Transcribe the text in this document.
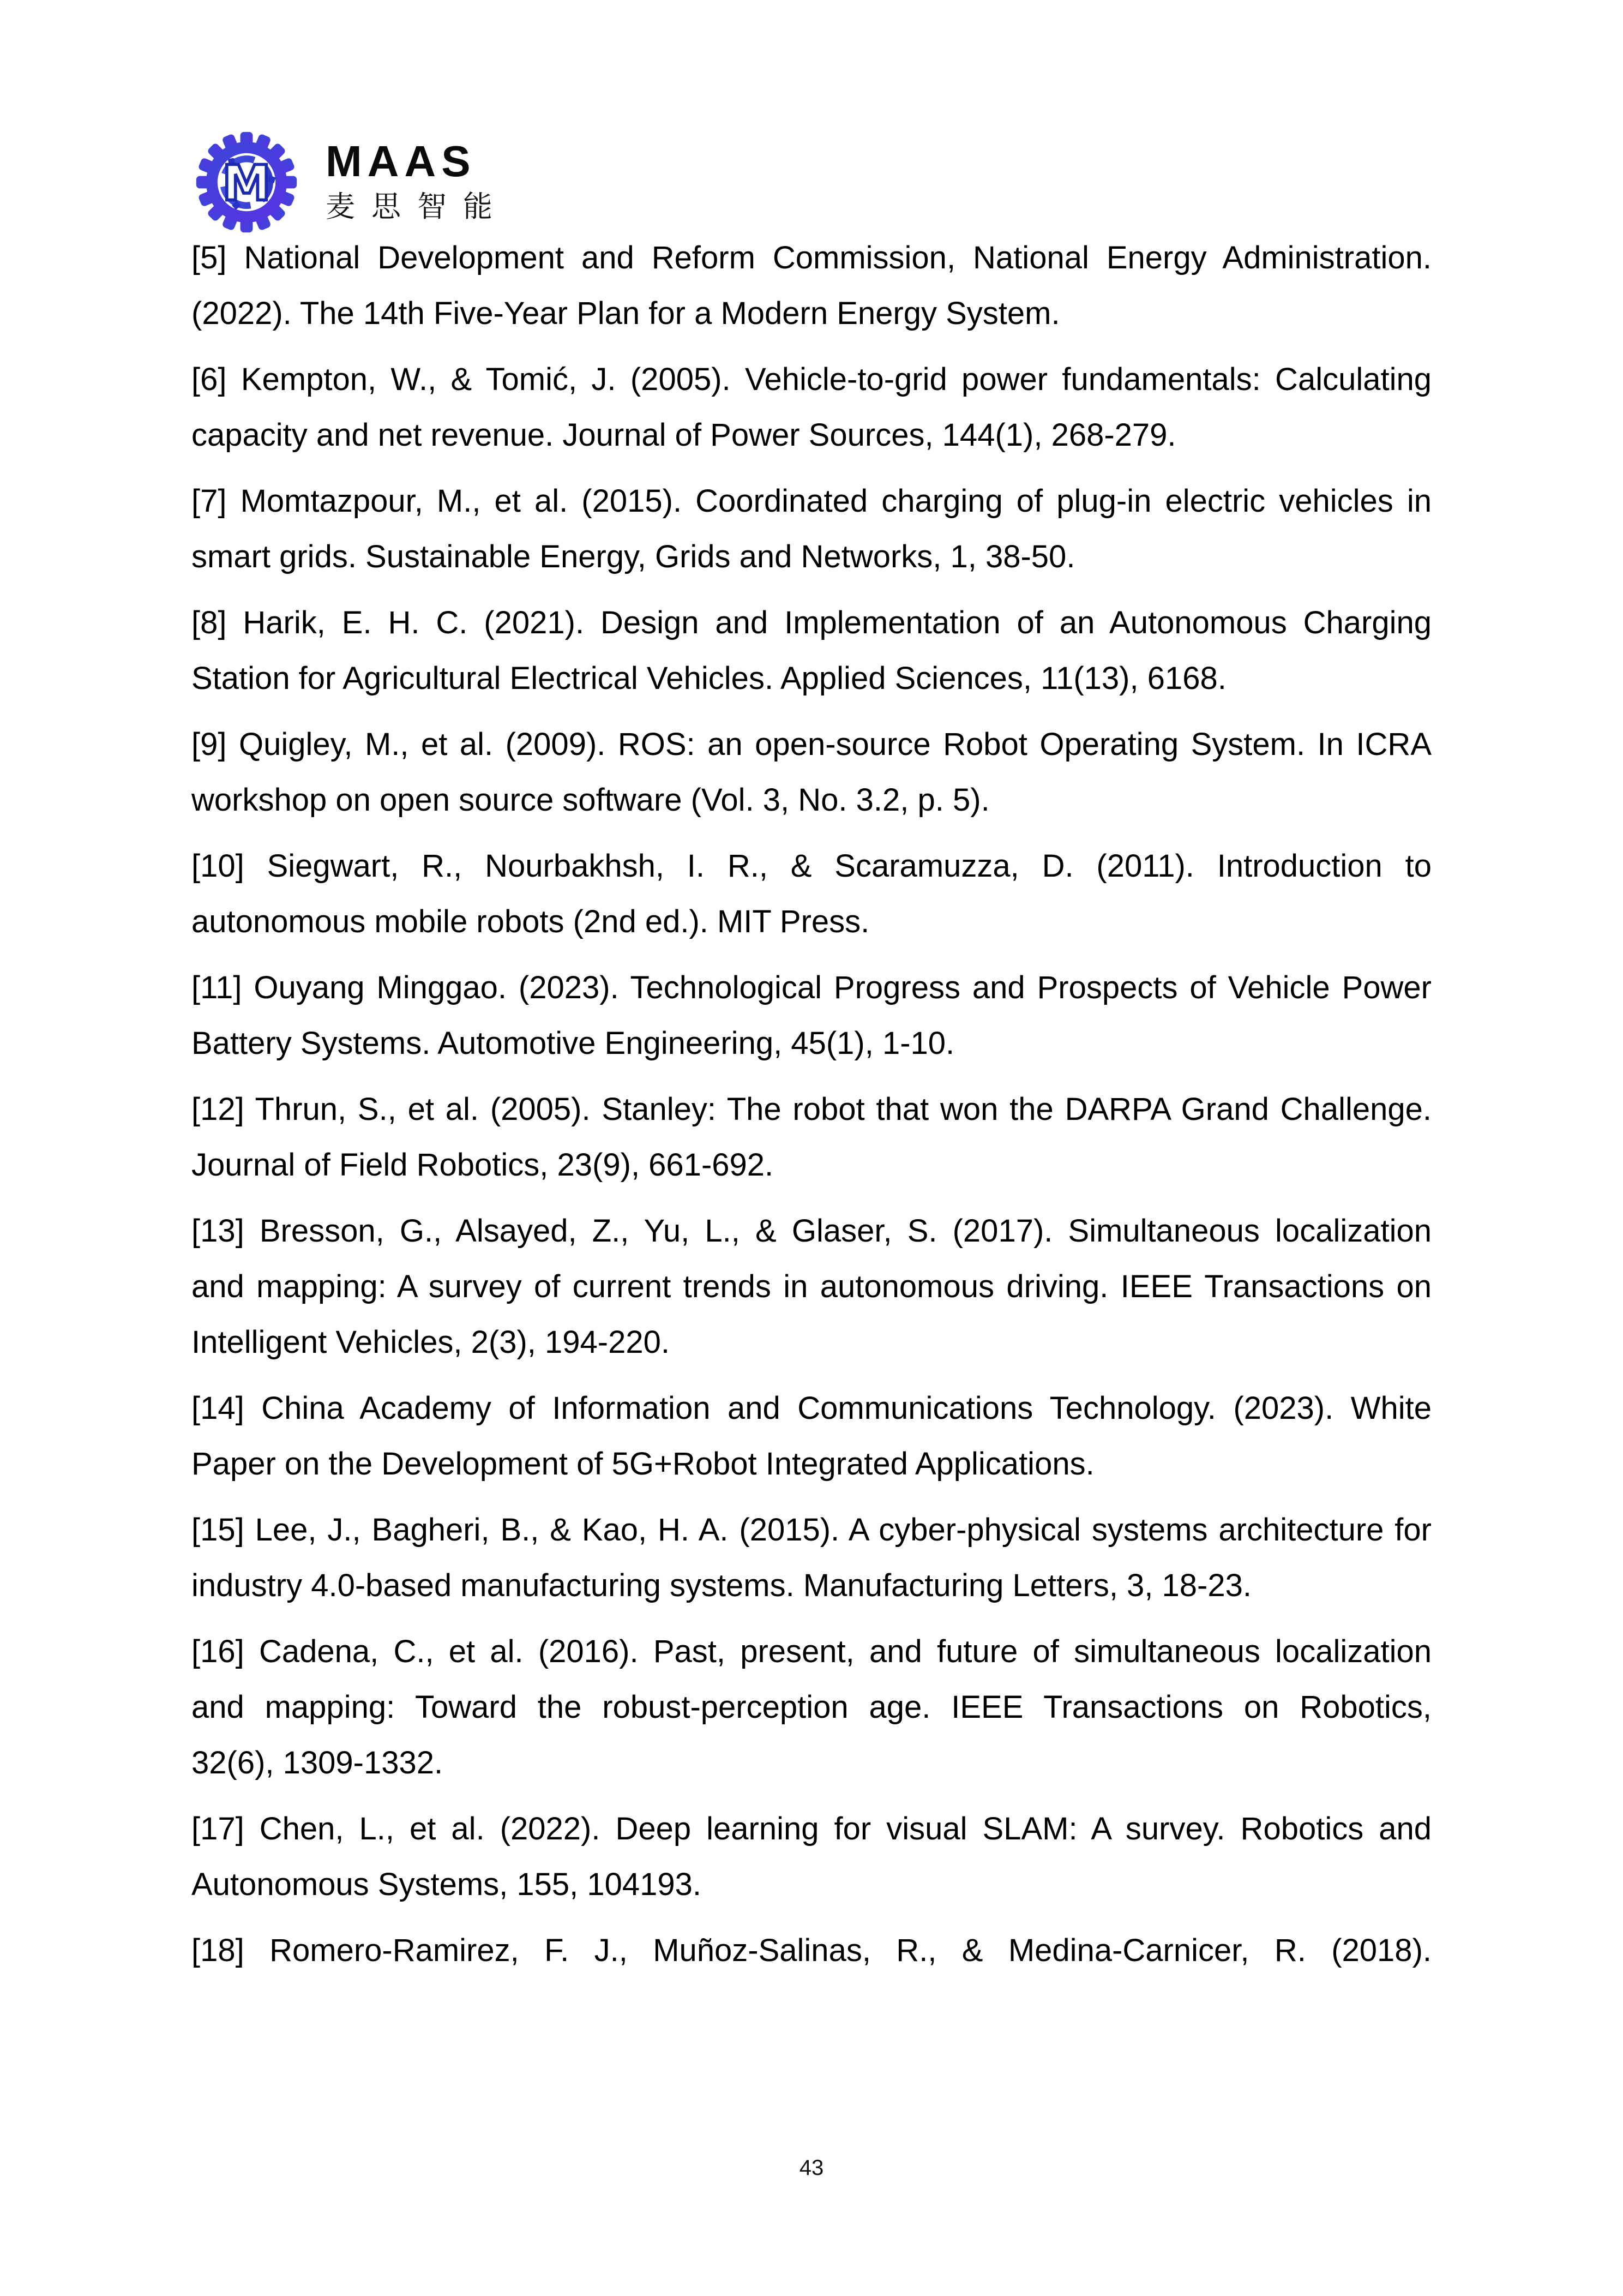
M MAAS
麦思智能

[5] National Development and Reform Commission, National Energy Administration.
(2022). The 14th Five-Year Plan for a Modern Energy System.

[6] Kempton, W., & Tomić, J. (2005). Vehicle-to-grid power fundamentals: Calculating
capacity and net revenue. Journal of Power Sources, 144(1), 268-279.

[7] Momtazpour, M., et al. (2015). Coordinated charging of plug-in electric vehicles in
smart grids. Sustainable Energy, Grids and Networks, 1, 38-50.

[8] Harik, E. H. C. (2021). Design and Implementation of an Autonomous Charging
Station for Agricultural Electrical Vehicles. Applied Sciences, 11(13), 6168.

[9] Quigley, M., et al. (2009). ROS: an open-source Robot Operating System. In ICRA
workshop on open source software (Vol. 3, No. 3.2, p. 5).

[10] Siegwart, R., Nourbakhsh, I. R., & Scaramuzza, D. (2011). Introduction to
autonomous mobile robots (2nd ed.). MIT Press.

[11] Ouyang Minggao. (2023). Technological Progress and Prospects of Vehicle Power
Battery Systems. Automotive Engineering, 45(1), 1-10.

[12] Thrun, S., et al. (2005). Stanley: The robot that won the DARPA Grand Challenge.
Journal of Field Robotics, 23(9), 661-692.

[13] Bresson, G., Alsayed, Z., Yu, L., & Glaser, S. (2017). Simultaneous localization
and mapping: A survey of current trends in autonomous driving. IEEE Transactions on
Intelligent Vehicles, 2(3), 194-220.

[14] China Academy of Information and Communications Technology. (2023). White
Paper on the Development of 5G+Robot Integrated Applications.

[15] Lee, J., Bagheri, B., & Kao, H. A. (2015). A cyber-physical systems architecture for
industry 4.0-based manufacturing systems. Manufacturing Letters, 3, 18-23.

[16] Cadena, C., et al. (2016). Past, present, and future of simultaneous localization
and mapping: Toward the robust-perception age. IEEE Transactions on Robotics,
32(6), 1309-1332.

[17] Chen, L., et al. (2022). Deep learning for visual SLAM: A survey. Robotics and
Autonomous Systems, 155, 104193.

[18] Romero-Ramirez, F. J., Muñoz-Salinas, R., & Medina-Carnicer, R. (2018).

43
